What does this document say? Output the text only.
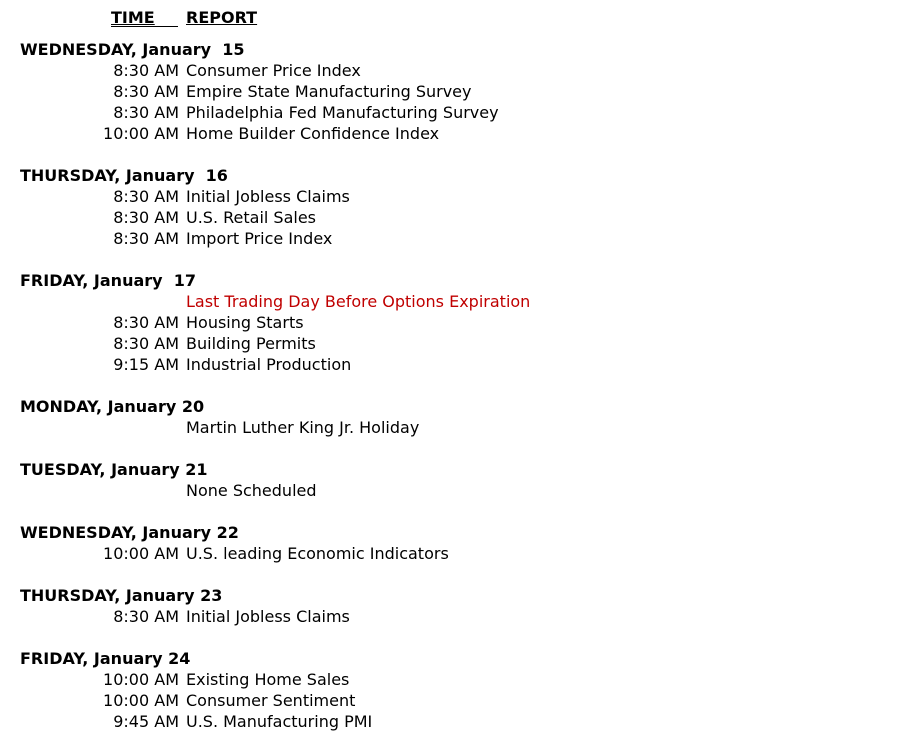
TIME	REPORT
WEDNESDAY, January  15
8:30 AM Consumer Price Index
8:30 AM Empire State Manufacturing Survey
8:30 AM Philadelphia Fed Manufacturing Survey
10:00 AM Home Builder Confidence Index
THURSDAY, January  16
8:30 AM Initial Jobless Claims
8:30 AM U.S. Retail Sales
8:30 AM Import Price Index
FRIDAY, January  17
Last Trading Day Before Options Expiration
8:30 AM Housing Starts
8:30 AM Building Permits
9:15 AM Industrial Production
MONDAY, January 20
Martin Luther King Jr. Holiday
TUESDAY, January 21
None Scheduled
WEDNESDAY, January 22
10:00 AM U.S. leading Economic Indicators
THURSDAY, January 23
8:30 AM Initial Jobless Claims
FRIDAY, January 24
10:00 AM Existing Home Sales
10:00 AM Consumer Sentiment
9:45 AM U.S. Manufacturing PMI
